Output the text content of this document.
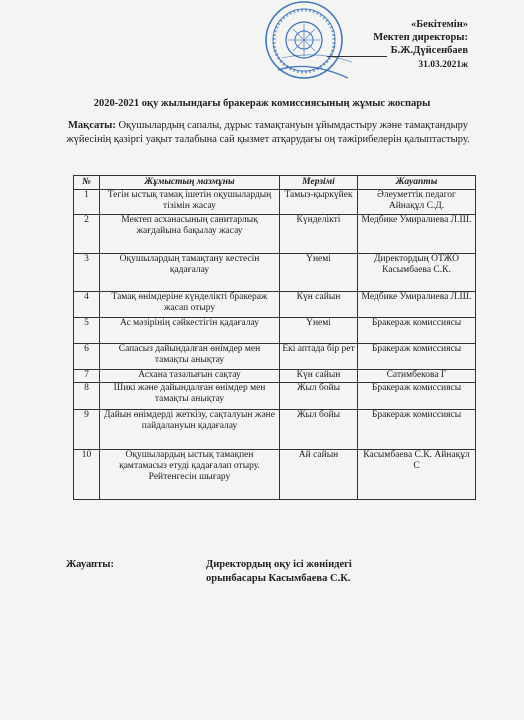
«Бекітемін»
Мектеп директоры:
Б.Ж.Дүйсенбаев
31.03.2021ж
2020-2021 оқу жылындағы бракераж комиссиясының жұмыс жоспары
Мақсаты: Оқушылардың сапалы, дұрыс тамақтануын ұйымдастыру және тамақтандыру жүйесінің қазіргі уақыт талабына сай қызмет атқарудағы оң тәжірибелерін қалыптастыру.
№	Жұмыстың мазмұны	Мерзімі	Жауапты
1	Тегін ыстық тамақ ішетін оқушылардың тізімін жасау	Тамыз-қыркүйек	Әлеуметтік педагог Айнақұл С.Д.
2	Мектеп асханасының санитарлық жағдайына бақылау жасау	Күнделікті	Медбике Умиралиева Л.Ш.
3	Оқушылардың тамақтану кестесін қадағалау	Үнемі	Директордың ОТЖО Касымбаева С.К.
4	Тамақ өнімдеріне күнделікті бракераж жасап отыру	Күн сайын	Медбике Умиралиева Л.Ш.
5	Ас мәзірінің сәйкестігін қадағалау	Үнемі	Бракераж комиссиясы
6	Сапасыз дайындалған өнімдер мен тамақты анықтау	Екі аптада бір рет	Бракераж комиссиясы
7	Асхана тазалығын сақтау	Күн сайын	Сатимбекова Г
8	Шикі және дайындалған өнімдер мен тамақты анықтау	Жыл бойы	Бракераж комиссиясы
9	Дайын өнімдерді жеткізу, сақталуын және пайдалануын қадағалау	Жыл бойы	Бракераж комиссиясы
10	Оқушылардың ыстық тамақпен қамтамасыз етуді қадағалап отыру. Рейтенгесін шығару	Ай сайын	Касымбаева С.К. Айнақұл С
Жауапты:	Директордың оқу ісі жөніндегі
орынбасары Касымбаева С.К.
